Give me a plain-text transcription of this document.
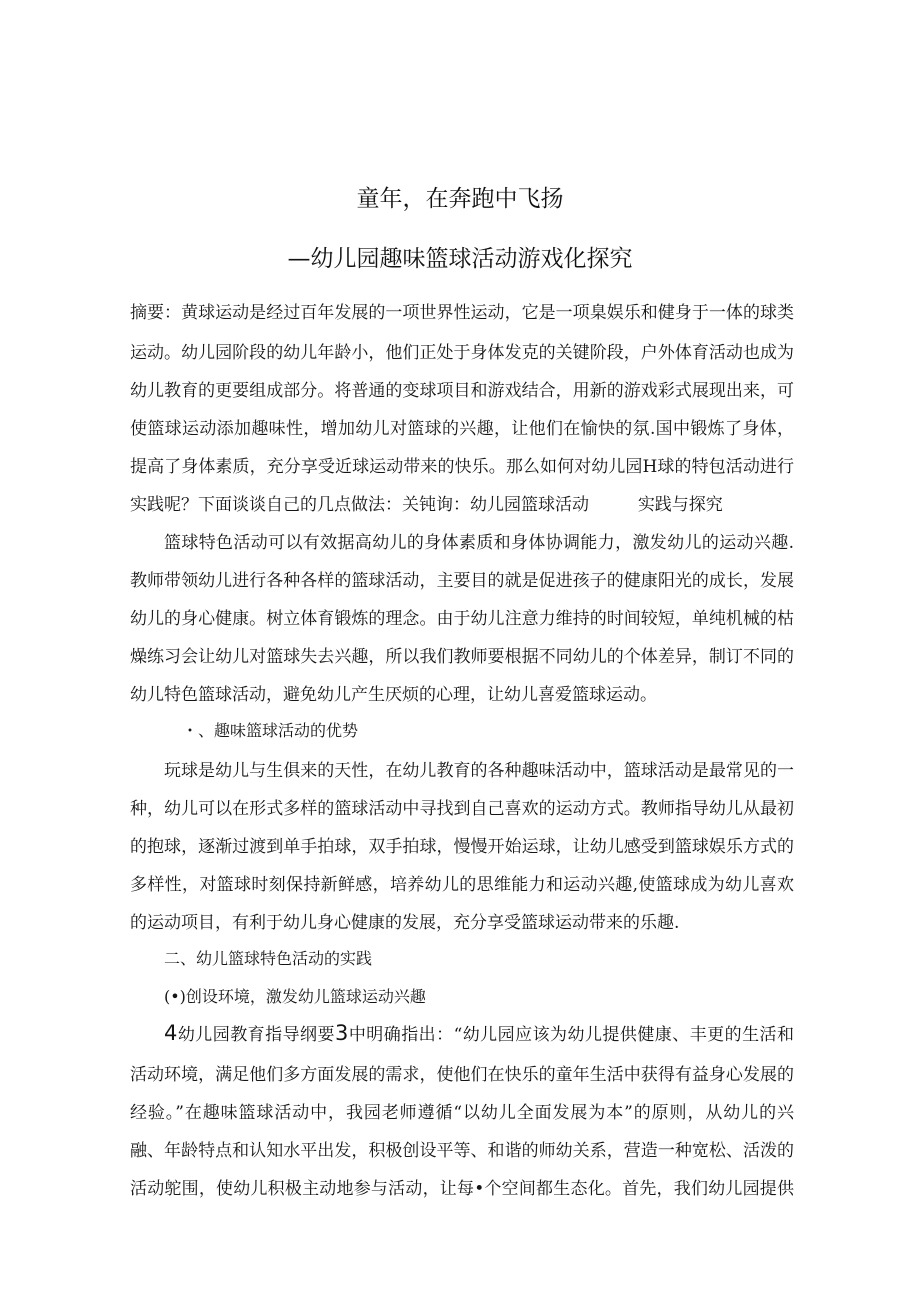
童年，在奔跑中飞扬
—幼儿园趣味篮球活动游戏化探究
摘要：黄球运动是经过百年发展的一项世界性运动，它是一项臬娱乐和健身于一体的球类
运动。幼儿园阶段的幼儿年龄小，他们正处于身体发克的关键阶段，户外体育活动也成为
幼儿教育的更要组成部分。将普通的变球项目和游戏结合，用新的游戏彩式展现出来，可
使篮球运动添加趣味性，增加幼儿对篮球的兴趣，让他们在愉快的氛.国中锻炼了身体，
提高了身体素质，充分享受近球运动带来的快乐。那么如何对幼儿园H球的特包活动进行
实践呢？下面谈谈自己的几点做法：关钝询：幼儿园篮球活动	实践与探究
篮球特色活动可以有效据高幼儿的身体素质和身体协调能力，激发幼儿的运动兴趣.
教师带领幼儿进行各种各样的篮球活动，主要目的就是促进孩子的健康阳光的成长，发展
幼儿的身心健康。树立体育锻炼的理念。由于幼儿注意力维持的时间较短，单纯机械的枯
燥练习会让幼儿对篮球失去兴趣，所以我们教师要根据不同幼儿的个体差异，制订不同的
幼儿特色篮球活动，避免幼儿产生厌烦的心理，让幼儿喜爱篮球运动。
・、趣味篮球活动的优势
玩球是幼儿与生俱来的天性，在幼儿教育的各种趣味活动中，篮球活动是最常见的一
种，幼儿可以在形式多样的篮球活动中寻找到自己喜欢的运动方式。教师指导幼儿从最初
的抱球，逐渐过渡到单手拍球，双手拍球，慢慢开始运球，让幼儿感受到篮球娱乐方式的
多样性，对篮球时刻保持新鲜感，培养幼儿的思维能力和运动兴趣,使篮球成为幼儿喜欢
的运动项目，有利于幼儿身心健康的发展，充分享受篮球运动带来的乐趣.
二、幼儿篮球特色活动的实践
(•)创设环境，激发幼儿篮球运动兴趣
4幼儿园教育指导纲要3中明确指出：“幼儿园应该为幼儿提供健康、丰更的生活和
活动环境，满足他们多方面发展的需求，使他们在快乐的童年生活中获得有益身心发展的
经验。”在趣味篮球活动中，我园老师遵循“以幼儿全面发展为本”的原则，从幼儿的兴
融、年龄特点和认知水平出发，积极创设平等、和谐的师幼关系，营造一种宽松、活泼的
活动鸵围，使幼儿积极主动地参与活动，让每•个空间都生态化。首先，我们幼儿园提供
